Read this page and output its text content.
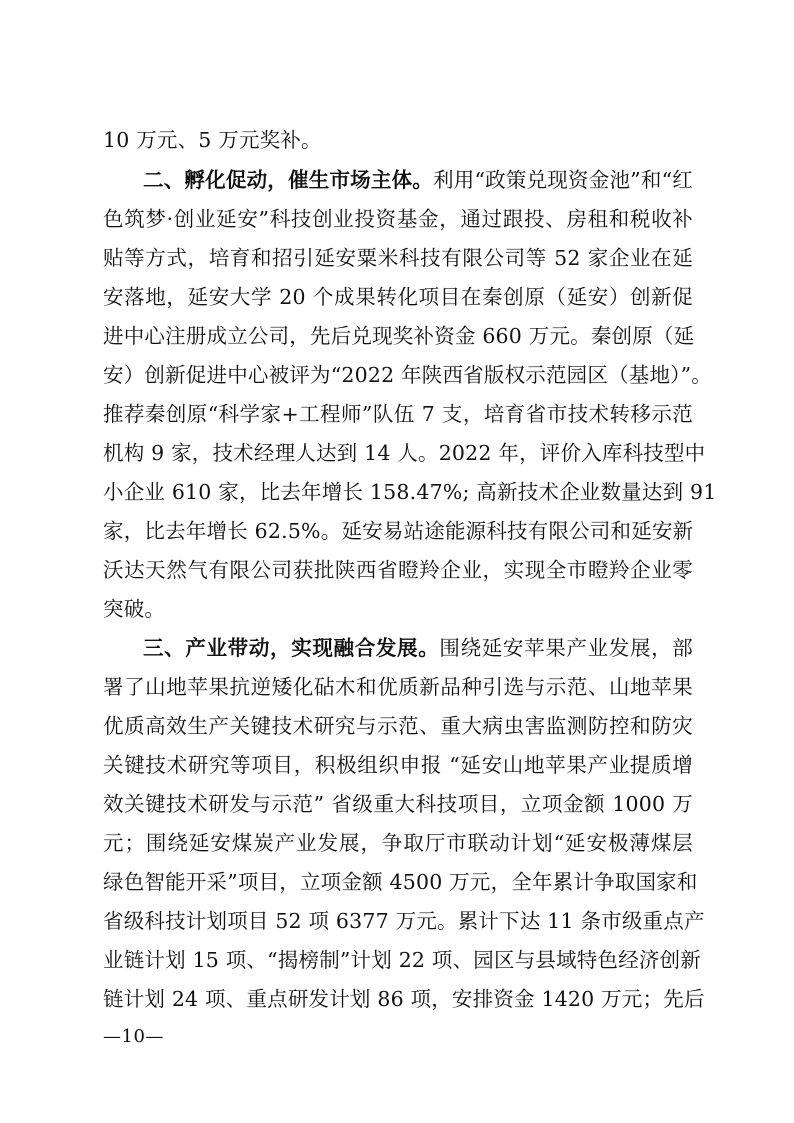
10 万元、5 万元奖补。
二、孵化促动，催生市场主体。利用“政策兑现资金池”和“红
色筑梦·创业延安”科技创业投资基金，通过跟投、房租和税收补
贴等方式，培育和招引延安粟米科技有限公司等 52 家企业在延
安落地，延安大学 20 个成果转化项目在秦创原（延安）创新促
进中心注册成立公司，先后兑现奖补资金 660 万元。秦创原（延
安）创新促进中心被评为“2022 年陕西省版权示范园区（基地）”。
推荐秦创原“科学家+工程师”队伍 7 支，培育省市技术转移示范
机构 9 家，技术经理人达到 14 人。2022 年，评价入库科技型中
小企业 610 家，比去年增长 158.47%; 高新技术企业数量达到 91
家，比去年增长 62.5%。延安易站途能源科技有限公司和延安新
沃达天然气有限公司获批陕西省瞪羚企业，实现全市瞪羚企业零
突破。
三、产业带动，实现融合发展。围绕延安苹果产业发展，部
署了山地苹果抗逆矮化砧木和优质新品种引选与示范、山地苹果
优质高效生产关键技术研究与示范、重大病虫害监测防控和防灾
关键技术研究等项目，积极组织申报 “延安山地苹果产业提质增
效关键技术研发与示范” 省级重大科技项目，立项金额 1000 万
元；围绕延安煤炭产业发展，争取厅市联动计划“延安极薄煤层
绿色智能开采”项目，立项金额 4500 万元，全年累计争取国家和
省级科技计划项目 52 项 6377 万元。累计下达 11 条市级重点产
业链计划 15 项、“揭榜制”计划 22 项、园区与县域特色经济创新
链计划 24 项、重点研发计划 86 项，安排资金 1420 万元；先后
—10—
